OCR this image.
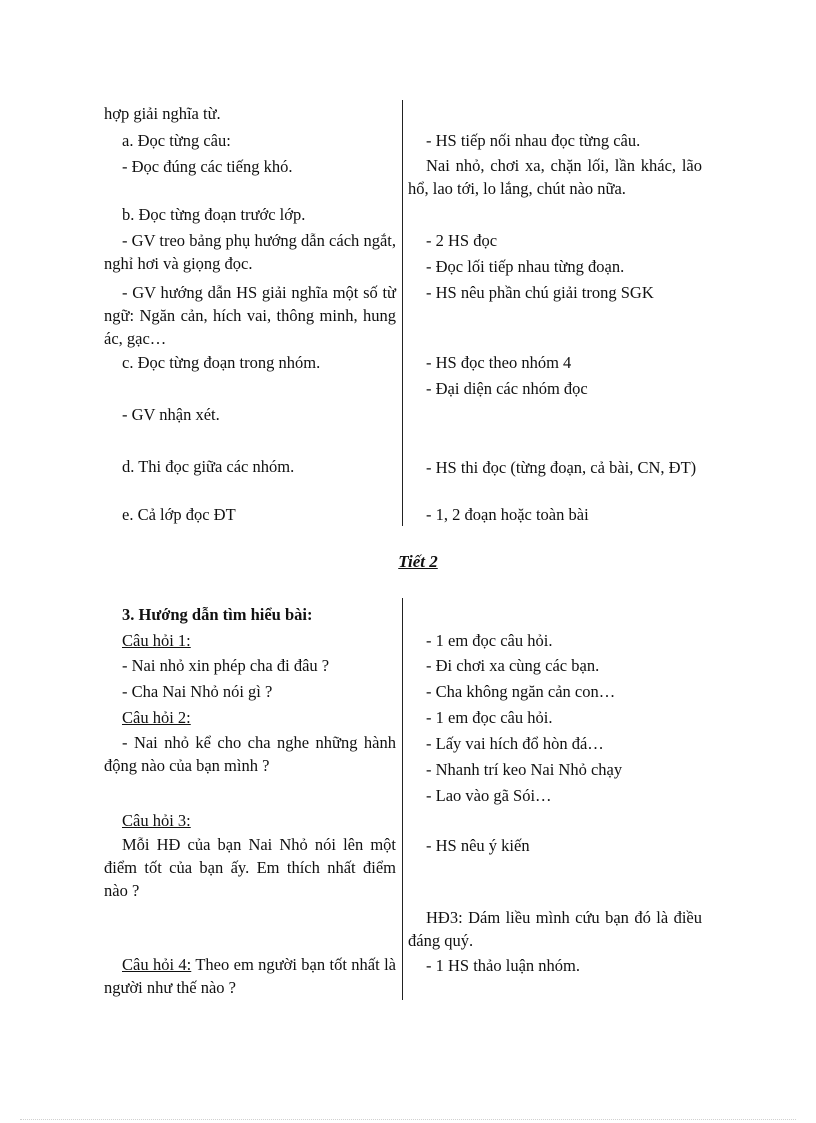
hợp giải nghĩa từ.
a. Đọc từng câu:
- Đọc đúng các tiếng khó.
b. Đọc từng đoạn trước lớp.
- GV treo bảng phụ hướng dẫn cách ngắt, nghỉ hơi và giọng đọc.
- GV hướng dẫn HS giải nghĩa một số từ ngữ: Ngăn cản, hích vai, thông minh, hung ác, gạc…
c. Đọc từng đoạn trong nhóm.
- GV nhận xét.
d. Thi đọc giữa các nhóm.
e. Cả lớp đọc ĐT
- HS tiếp nối nhau đọc từng câu.
Nai nhỏ, chơi xa, chặn lối, lần khác, lão hổ, lao tới, lo lắng, chút nào nữa.
- 2 HS đọc
- Đọc lối tiếp nhau từng đoạn.
- HS nêu phần chú giải trong SGK
- HS đọc theo nhóm 4
- Đại diện các nhóm đọc
- HS thi đọc (từng đoạn, cả bài, CN, ĐT)
- 1, 2 đoạn hoặc toàn bài
Tiết 2
3. Hướng dẫn tìm hiểu bài:
Câu hỏi 1:
- Nai nhỏ xin phép cha đi đâu ?
- Cha Nai Nhỏ nói gì ?
Câu hỏi 2:
- Nai nhỏ kể cho cha nghe những hành động nào của bạn mình ?
Câu hỏi 3:
Mỗi HĐ của bạn Nai Nhỏ nói lên một điểm tốt của bạn ấy. Em thích nhất điểm nào ?
Câu hỏi 4: Theo em người bạn tốt nhất là người như thế nào ?
- 1 em đọc câu hỏi.
- Đi chơi xa cùng các bạn.
- Cha không ngăn cản con…
- 1 em đọc câu hỏi.
- Lấy vai hích đổ hòn đá…
- Nhanh trí keo Nai Nhỏ chạy
- Lao vào gã Sói…
- HS nêu ý kiến
HĐ3: Dám liều mình cứu bạn đó là điều đáng quý.
- 1 HS thảo luận nhóm.
